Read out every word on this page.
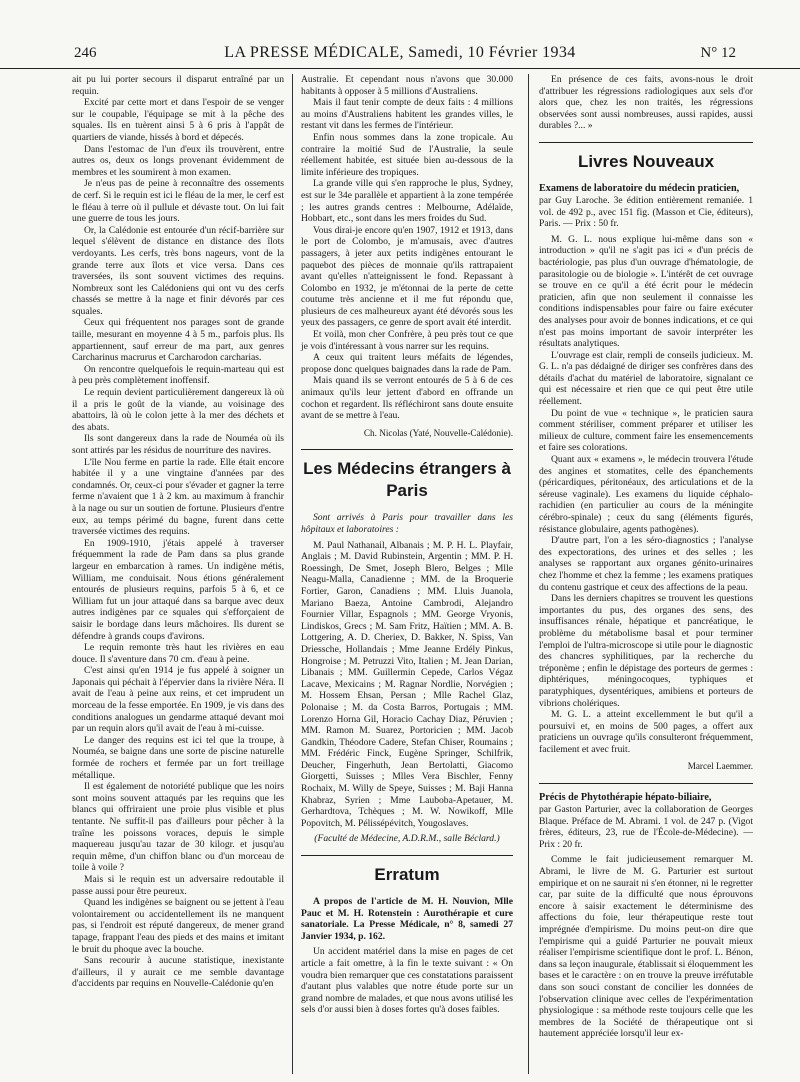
246	LA PRESSE MÉDICALE, Samedi, 10 Février 1934	N° 12

ait pu lui porter secours il disparut entraîné par un requin.

Excité par cette mort et dans l'espoir de se venger sur le coupable, l'équipage se mit à la pêche des squales. Ils en tuèrent ainsi 5 à 6 pris à l'appât de quartiers de viande, hissés à bord et dépecés.

Dans l'estomac de l'un d'eux ils trouvèrent, entre autres os, deux os longs provenant évidemment de membres et les soumirent à mon examen.

Je n'eus pas de peine à reconnaître des ossements de cerf. Si le requin est ici le fléau de la mer, le cerf est le fléau à terre où il pullule et dévaste tout. On lui fait une guerre de tous les jours.

Or, la Calédonie est entourée d'un récif-barrière sur lequel s'élèvent de distance en distance des îlots verdoyants. Les cerfs, très bons nageurs, vont de la grande terre aux îlots et vice versa. Dans ces traversées, ils sont souvent victimes des requins. Nombreux sont les Calédoniens qui ont vu des cerfs chassés se mettre à la nage et finir dévorés par ces squales.

Ceux qui fréquentent nos parages sont de grande taille, mesurant en moyenne 4 à 5 m., parfois plus. Ils appartiennent, sauf erreur de ma part, aux genres Carcharinus macrurus et Carcharodon carcharias.

On rencontre quelquefois le requin-marteau qui est à peu près complètement inoffensif.

Le requin devient particulièrement dangereux là où il a pris le goût de la viande, au voisinage des abattoirs, là où le colon jette à la mer des déchets et des abats.

Ils sont dangereux dans la rade de Nouméa où ils sont attirés par les résidus de nourriture des navires.

L'île Nou ferme en partie la rade. Elle était encore habitée il y a une vingtaine d'années par des condamnés. Or, ceux-ci pour s'évader et gagner la terre ferme n'avaient que 1 à 2 km. au maximum à franchir à la nage ou sur un soutien de fortune. Plusieurs d'entre eux, au temps périmé du bagne, furent dans cette traversée victimes des requins.

En 1909-1910, j'étais appelé à traverser fréquemment la rade de Pam dans sa plus grande largeur en embarcation à rames. Un indigène métis, William, me conduisait. Nous étions généralement entourés de plusieurs requins, parfois 5 à 6, et ce William fut un jour attaqué dans sa barque avec deux autres indigènes par ce squales qui s'efforçaient de saisir le bordage dans leurs mâchoires. Ils durent se défendre à grands coups d'avirons.

Le requin remonte très haut les rivières en eau douce. Il s'aventure dans 70 cm. d'eau à peine.

C'est ainsi qu'en 1914 je fus appelé à soigner un Japonais qui péchait à l'épervier dans la rivière Néra. Il avait de l'eau à peine aux reins, et cet imprudent un morceau de la fesse emportée. En 1909, je vis dans des conditions analogues un gendarme attaqué devant moi par un requin alors qu'il avait de l'eau à mi-cuisse.

Le danger des requins est ici tel que la troupe, à Nouméa, se baigne dans une sorte de piscine naturelle formée de rochers et fermée par un fort treillage métallique.

Il est également de notoriété publique que les noirs sont moins souvent attaqués par les requins que les blancs qui offriraient une proie plus visible et plus tentante. Ne suffit-il pas d'ailleurs pour pêcher à la traîne les poissons voraces, depuis le simple maquereau jusqu'au tazar de 30 kilogr. et jusqu'au requin même, d'un chiffon blanc ou d'un morceau de toile à voile ?

Mais si le requin est un adversaire redoutable il passe aussi pour être peureux.

Quand les indigènes se baignent ou se jettent à l'eau volontairement ou accidentellement ils ne manquent pas, si l'endroit est réputé dangereux, de mener grand tapage, frappant l'eau des pieds et des mains et imitant le bruit du phoque avec la bouche.

Sans recourir à aucune statistique, inexistante d'ailleurs, il y aurait ce me semble davantage d'accidents par requins en Nouvelle-Calédonie qu'en

Australie. Et cependant nous n'avons que 30.000 habitants à opposer à 5 millions d'Australiens.

Mais il faut tenir compte de deux faits : 4 millions au moins d'Australiens habitent les grandes villes, le restant vit dans les fermes de l'intérieur.

Enfin nous sommes dans la zone tropicale. Au contraire la moitié Sud de l'Australie, la seule réellement habitée, est située bien au-dessous de la limite inférieure des tropiques.

La grande ville qui s'en rapproche le plus, Sydney, est sur le 34e parallèle et appartient à la zone tempérée ; les autres grands centres : Melbourne, Adélaïde, Hobbart, etc., sont dans les mers froides du Sud.

Vous dirai-je encore qu'en 1907, 1912 et 1913, dans le port de Colombo, je m'amusais, avec d'autres passagers, à jeter aux petits indigènes entourant le paquebot des pièces de monnaie qu'ils rattrapaient avant qu'elles n'atteignissent le fond. Repassant à Colombo en 1932, je m'étonnai de la perte de cette coutume très ancienne et il me fut répondu que, plusieurs de ces malheureux ayant été dévorés sous les yeux des passagers, ce genre de sport avait été interdit.

Et voilà, mon cher Confrère, à peu près tout ce que je vois d'intéressant à vous narrer sur les requins.

A ceux qui traitent leurs méfaits de légendes, propose donc quelques baignades dans la rade de Pam.

Mais quand ils se verront entourés de 5 à 6 de ces animaux qu'ils leur jettent d'abord en offrande un cochon et regardent. Ils réfléchiront sans doute ensuite avant de se mettre à l'eau.

Ch. Nicolas (Yaté, Nouvelle-Calédonie).
Les Médecins étrangers à Paris

Sont arrivés à Paris pour travailler dans les hôpitaux et laboratoires :

M. Paul Nathanail, Albanais ; M. P. H. L. Playfair, Anglais ; M. David Rubinstein, Argentin ; MM. P. H. Roessingh, De Smet, Joseph Blero, Belges ; Mlle Neagu-Malla, Canadienne ; MM. de la Broquerie Fortier, Garon, Canadiens ; MM. Lluis Juanola, Mariano Baeza, Antoine Cambrodi, Alejandro Fournier Villar, Espagnols ; MM. George Vryonis, Lindiskos, Grecs ; M. Sam Fritz, Haïtien ; MM. A. B. Lottgering, A. D. Cheriex, D. Bakker, N. Spiss, Van Driessche, Hollandais ; Mme Jeanne Erdély Pinkus, Hongroise ; M. Petruzzi Vito, Italien ; M. Jean Darian, Libanais ; MM. Guillermin Cepede, Carlos Végaz Lacave, Mexicains ; M. Ragnar Nordlie, Norvégien ; M. Hossem Ehsan, Persan ; Mlle Rachel Glaz, Polonaise ; M. da Costa Barros, Portugais ; MM. Lorenzo Horna Gil, Horacio Cachay Diaz, Péruvien ; MM. Ramon M. Suarez, Portoricien ; MM. Jacob Gandkin, Théodore Cadere, Stefan Chiser, Roumains ; MM. Frédéric Finck, Eugène Springer, Schilfrik, Deucher, Fingerhuth, Jean Bertolatti, Giacomo Giorgetti, Suisses ; Mlles Vera Bischler, Fenny Rochaix, M. Willy de Speye, Suisses ; M. Baji Hanna Khabraz, Syrien ; Mme Lauboba-Apetauer, M. Gerhardtova, Tchèques ; M. W. Nowikoff, Mlle Popovitch, M. Pélissépévitch, Yougoslaves.

(Faculté de Médecine, A.D.R.M., salle Béclard.)

Erratum

A propos de l'article de M. H. Nouvion, Mlle Pauc et M. H. Rotenstein : Aurothérapie et cure sanatoriale. La Presse Médicale, n° 8, samedi 27 Janvier 1934, p. 162.

Un accident matériel dans la mise en pages de cet article a fait omettre, à la fin le texte suivant : « On voudra bien remarquer que ces constatations paraissent d'autant plus valables que notre étude porte sur un grand nombre de malades, et que nous avons utilisé les sels d'or aussi bien à doses fortes qu'à doses faibles.

En présence de ces faits, avons-nous le droit d'attribuer les régressions radiologiques aux sels d'or alors que, chez les non traités, les régressions observées sont aussi nombreuses, aussi rapides, aussi durables ?... »

Livres Nouveaux

Examens de laboratoire du médecin praticien,

par Guy Laroche. 3e édition entièrement remaniée. 1 vol. de 492 p., avec 151 fig. (Masson et Cie, éditeurs), Paris. — Prix : 50 fr.

M. G. L. nous explique lui-même dans son « introduction » qu'il ne s'agit pas ici « d'un précis de bactériologie, pas plus d'un ouvrage d'hématologie, de parasitologie ou de biologie ». L'intérêt de cet ouvrage se trouve en ce qu'il a été écrit pour le médecin praticien, afin que non seulement il connaisse les conditions indispensables pour faire ou faire exécuter des analyses pour avoir de bonnes indications, et ce qui n'est pas moins important de savoir interpréter les résultats analytiques.

L'ouvrage est clair, rempli de conseils judicieux. M. G. L. n'a pas dédaigné de diriger ses confrères dans des détails d'achat du matériel de laboratoire, signalant ce qui est nécessaire et rien que ce qui peut être utile réellement.

Du point de vue « technique », le praticien saura comment stériliser, comment préparer et utiliser les milieux de culture, comment faire les ensemencements et faire ses colorations.

Quant aux « examens », le médecin trouvera l'étude des angines et stomatites, celle des épanchements (péricardiques, péritonéaux, des articulations et de la séreuse vaginale). Les examens du liquide céphalo-rachidien (en particulier au cours de la méningite cérébro-spinale) ; ceux du sang (éléments figurés, résistance globulaire, agents pathogènes).

D'autre part, l'on a les séro-diagnostics ; l'analyse des expectorations, des urines et des selles ; les analyses se rapportant aux organes génito-urinaires chez l'homme et chez la femme ; les examens pratiques du contenu gastrique et ceux des affections de la peau.

Dans les derniers chapitres se trouvent les questions importantes du pus, des organes des sens, des insuffisances rénale, hépatique et pancréatique, le problème du métabolisme basal et pour terminer l'emploi de l'ultra-microscope si utile pour le diagnostic des chancres syphilitiques, par la recherche du tréponème ; enfin le dépistage des porteurs de germes : diphtériques, méningocoques, typhiques et paratyphiques, dysentériques, amibiens et porteurs de vibrions cholériques.

M. G. L. a atteint excellemment le but qu'il a poursuivi et, en moins de 500 pages, a offert aux praticiens un ouvrage qu'ils consulteront fréquemment, facilement et avec fruit.

Marcel Laemmer.

Précis de Phytothérapie hépato-biliaire,

par Gaston Parturier, avec la collaboration de Georges Blaque. Préface de M. Abrami. 1 vol. de 247 p. (Vigot frères, éditeurs, 23, rue de l'École-de-Médecine). — Prix : 20 fr.

Comme le fait judicieusement remarquer M. Abrami, le livre de M. G. Parturier est surtout empirique et on ne saurait ni s'en étonner, ni le regretter car, par suite de la difficulté que nous éprouvons encore à saisir exactement le déterminisme des affections du foie, leur thérapeutique reste tout imprégnée d'empirisme. Du moins peut-on dire que l'empirisme qui a guidé Parturier ne pouvait mieux réaliser l'empirisme scientifique dont le prof. L. Bénon, dans sa leçon inaugurale, établissait si éloquemment les bases et le caractère : on en trouve la preuve irréfutable dans son souci constant de concilier les données de l'observation clinique avec celles de l'expérimentation physiologique : sa méthode reste toujours celle que les membres de la Société de thérapeutique ont si hautement appréciée lorsqu'il leur ex-
